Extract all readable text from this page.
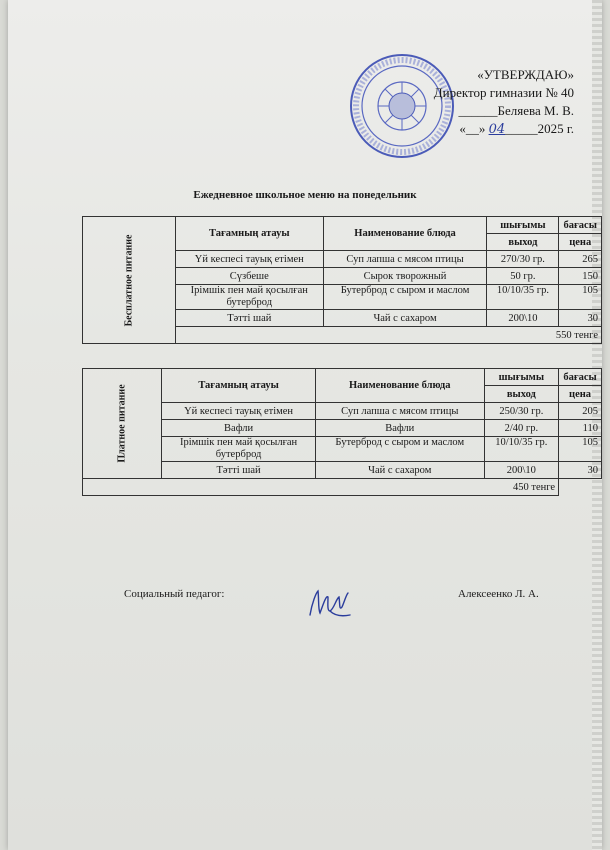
«УТВЕРЖДАЮ»
Директор гимназии № 40
______Беляева М. В.
«__» 04_____2025 г.
Ежедневное школьное меню на понедельник
Бесплатное питание	Тағамның атауы	Наименование блюда	шығымы	бағасы
			выход	цена
	Үй кеспесі тауық етімен	Суп лапша с мясом птицы	270/30 гр.	265
	Сүзбеше	Сырок творожный	50 гр.	150
	Ірімшік пен май қосылған бутерброд	Бутерброд с сыром и маслом	10/10/35 гр.	105
	Тәтті шай	Чай с сахаром	200\10	30
	550 тенге			
Платное питание	Тағамның атауы	Наименование блюда	шығымы	бағасы
			выход	цена
	Үй кеспесі тауық етімен	Суп лапша с мясом птицы	250/30 гр.	205
	Вафли	Вафли	2/40 гр.	110
	Ірімшік пен май қосылған бутерброд	Бутерброд с сыром и маслом	10/10/35 гр.	105
	Тәтті шай	Чай с сахаром	200\10	30
450 тенге				
Социальный педагог:	Алексеенко Л. А.
